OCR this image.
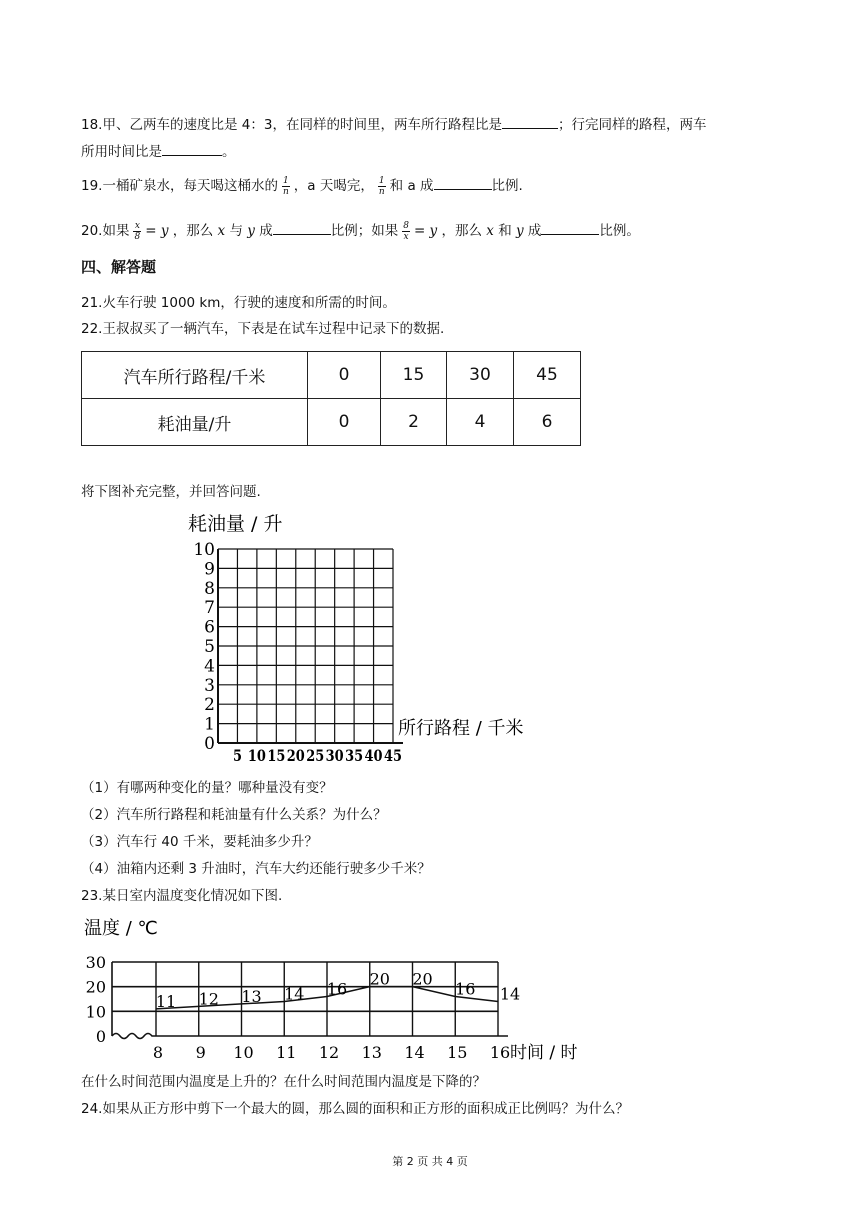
18.甲、乙两车的速度比是 4：3，在同样的时间里，两车所行路程比是	；行完同样的路程，两车
所用时间比是	。
19.一桶矿泉水，每天喝这桶水的 $\frac{1}{n}$ ，a 天喝完， $\frac{1}{n}$ 和 a 成	比例.
20.如果 $\frac{x}{8} = y$ ，那么 x 与 y 成	比例；如果 $\frac{8}{x} = y$ ，那么 x 和 y 成	比例。
四、解答题
21.火车行驶 1000 km，行驶的速度和所需的时间。
22.王叔叔买了一辆汽车，下表是在试车过程中记录下的数据.
汽车所行路程/千米	0	15	30	45
耗油量/升	0	2	4	6
将下图补充完整，并回答问题.
0
1
2
3
4
5
6
7
8
9
10
5 10 15 20 25 30 35 40 45
耗油量 / 升
所行路程 / 千米
（1）有哪两种变化的量？哪种量没有变？
（2）汽车所行路程和耗油量有什么关系？为什么？
（3）汽车行 40 千米，要耗油多少升？
（4）油箱内还剩 3 升油时，汽车大约还能行驶多少千米？
23.某日室内温度变化情况如下图.
0
10
20
30
8 9 10 11 12 13 14 15 16
温度 / ℃
时间 / 时
11 12 13 14 16
20 20
16 14
在什么时间范围内温度是上升的？在什么时间范围内温度是下降的？
24.如果从正方形中剪下一个最大的圆，那么圆的面积和正方形的面积成正比例吗？为什么？
第 2 页 共 4 页
